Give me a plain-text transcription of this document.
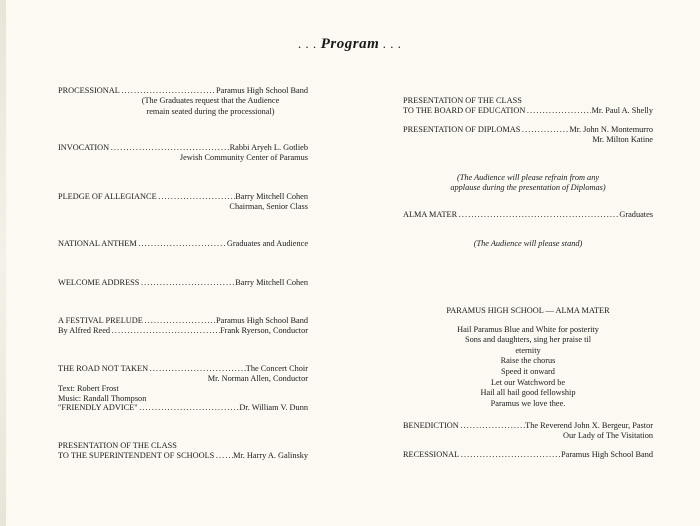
. . . Program . . .
PROCESSIONAL . . .	Paramus High School Band
(The Graduates request that the Audience
remain seated during the processional)
INVOCATION . . .	Rabbi Aryeh L. Gotlieb
Jewish Community Center of Paramus
PLEDGE OF ALLEGIANCE . . .	Barry Mitchell Cohen
Chairman, Senior Class
NATIONAL ANTHEM . . .	Graduates and Audience
WELCOME ADDRESS . . .	Barry Mitchell Cohen
A FESTIVAL PRELUDE . . .	Paramus High School Band
By Alfred Reed . . .	Frank Ryerson, Conductor
THE ROAD NOT TAKEN . . .	The Concert Choir
Mr. Norman Allen, Conductor
Text: Robert Frost
Music: Randall Thompson
"FRIENDLY ADVICE" . . .	Dr. William V. Dunn
PRESENTATION OF THE CLASS
TO THE SUPERINTENDENT OF SCHOOLS . . .	Mr. Harry A. Galinsky
PRESENTATION OF THE CLASS
TO THE BOARD OF EDUCATION . . .	Mr. Paul A. Shelly
PRESENTATION OF DIPLOMAS . . .	Mr. John N. Montemurro
Mr. Milton Katine
(The Audience will please refrain from any
applause during the presentation of Diplomas)
ALMA MATER . . .	Graduates
(The Audience will please stand)
PARAMUS HIGH SCHOOL — ALMA MATER
Hail Paramus Blue and White for posterity
Sons and daughters, sing her praise til
eternity
Raise the chorus
Speed it onward
Let our Watchword be
Hail all hail good fellowship
Paramus we love thee.
BENEDICTION . . .	The Reverend John X. Bergeur, Pastor
Our Lady of The Visitation
RECESSIONAL . . .	Paramus High School Band
